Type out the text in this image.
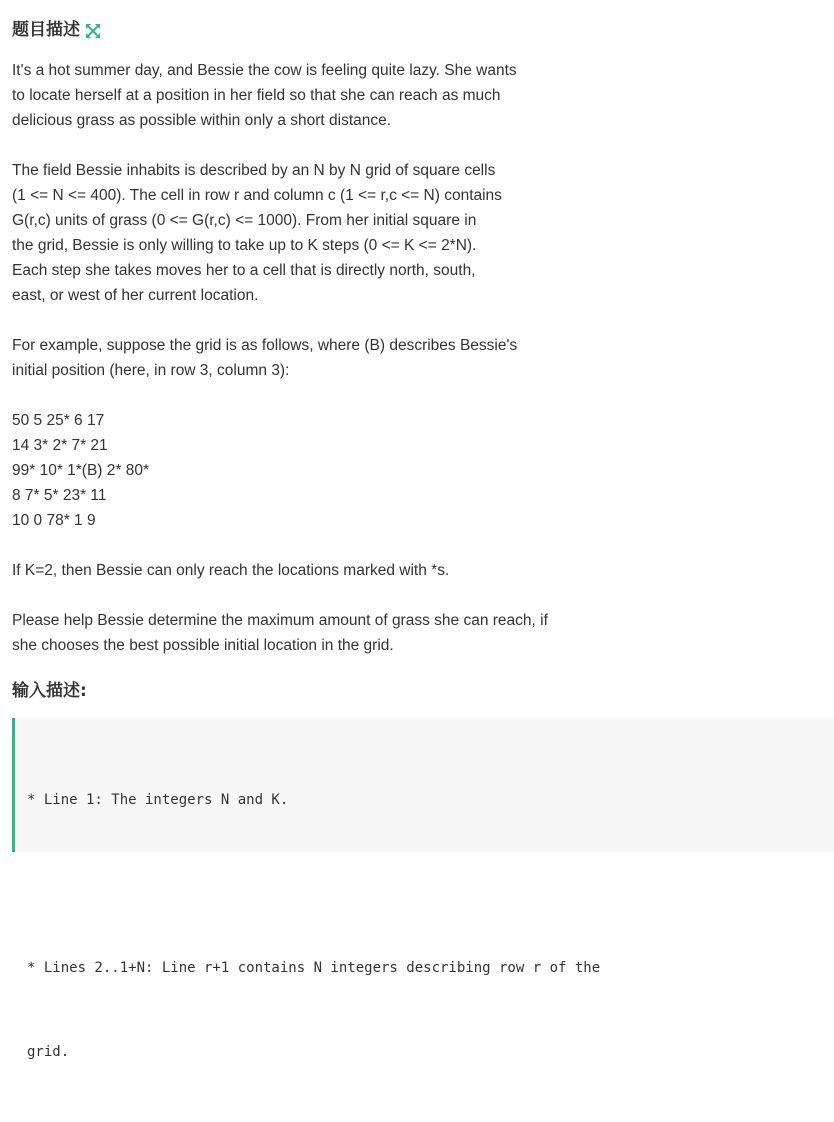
题目描述

It's a hot summer day, and Bessie the cow is feeling quite lazy. She wants

to locate herself at a position in her field so that she can reach as much

delicious grass as possible within only a short distance.

The field Bessie inhabits is described by an N by N grid of square cells

(1 <= N <= 400). The cell in row r and column c (1 <= r,c <= N) contains

G(r,c) units of grass (0 <= G(r,c) <= 1000). From her initial square in

the grid, Bessie is only willing to take up to K steps (0 <= K <= 2*N).

Each step she takes moves her to a cell that is directly north, south,

east, or west of her current location.

For example, suppose the grid is as follows, where (B) describes Bessie's

initial position (here, in row 3, column 3):

50 5 25* 6 17

14 3* 2* 7* 21

99* 10* 1*(B) 2* 80*

8 7* 5* 23* 11

10 0 78* 1 9

If K=2, then Bessie can only reach the locations marked with *s.

Please help Bessie determine the maximum amount of grass she can reach, if

she chooses the best possible initial location in the grid.

输入描述:

* Line 1: The integers N and K.

* Lines 2..1+N: Line r+1 contains N integers describing row r of the

grid.
